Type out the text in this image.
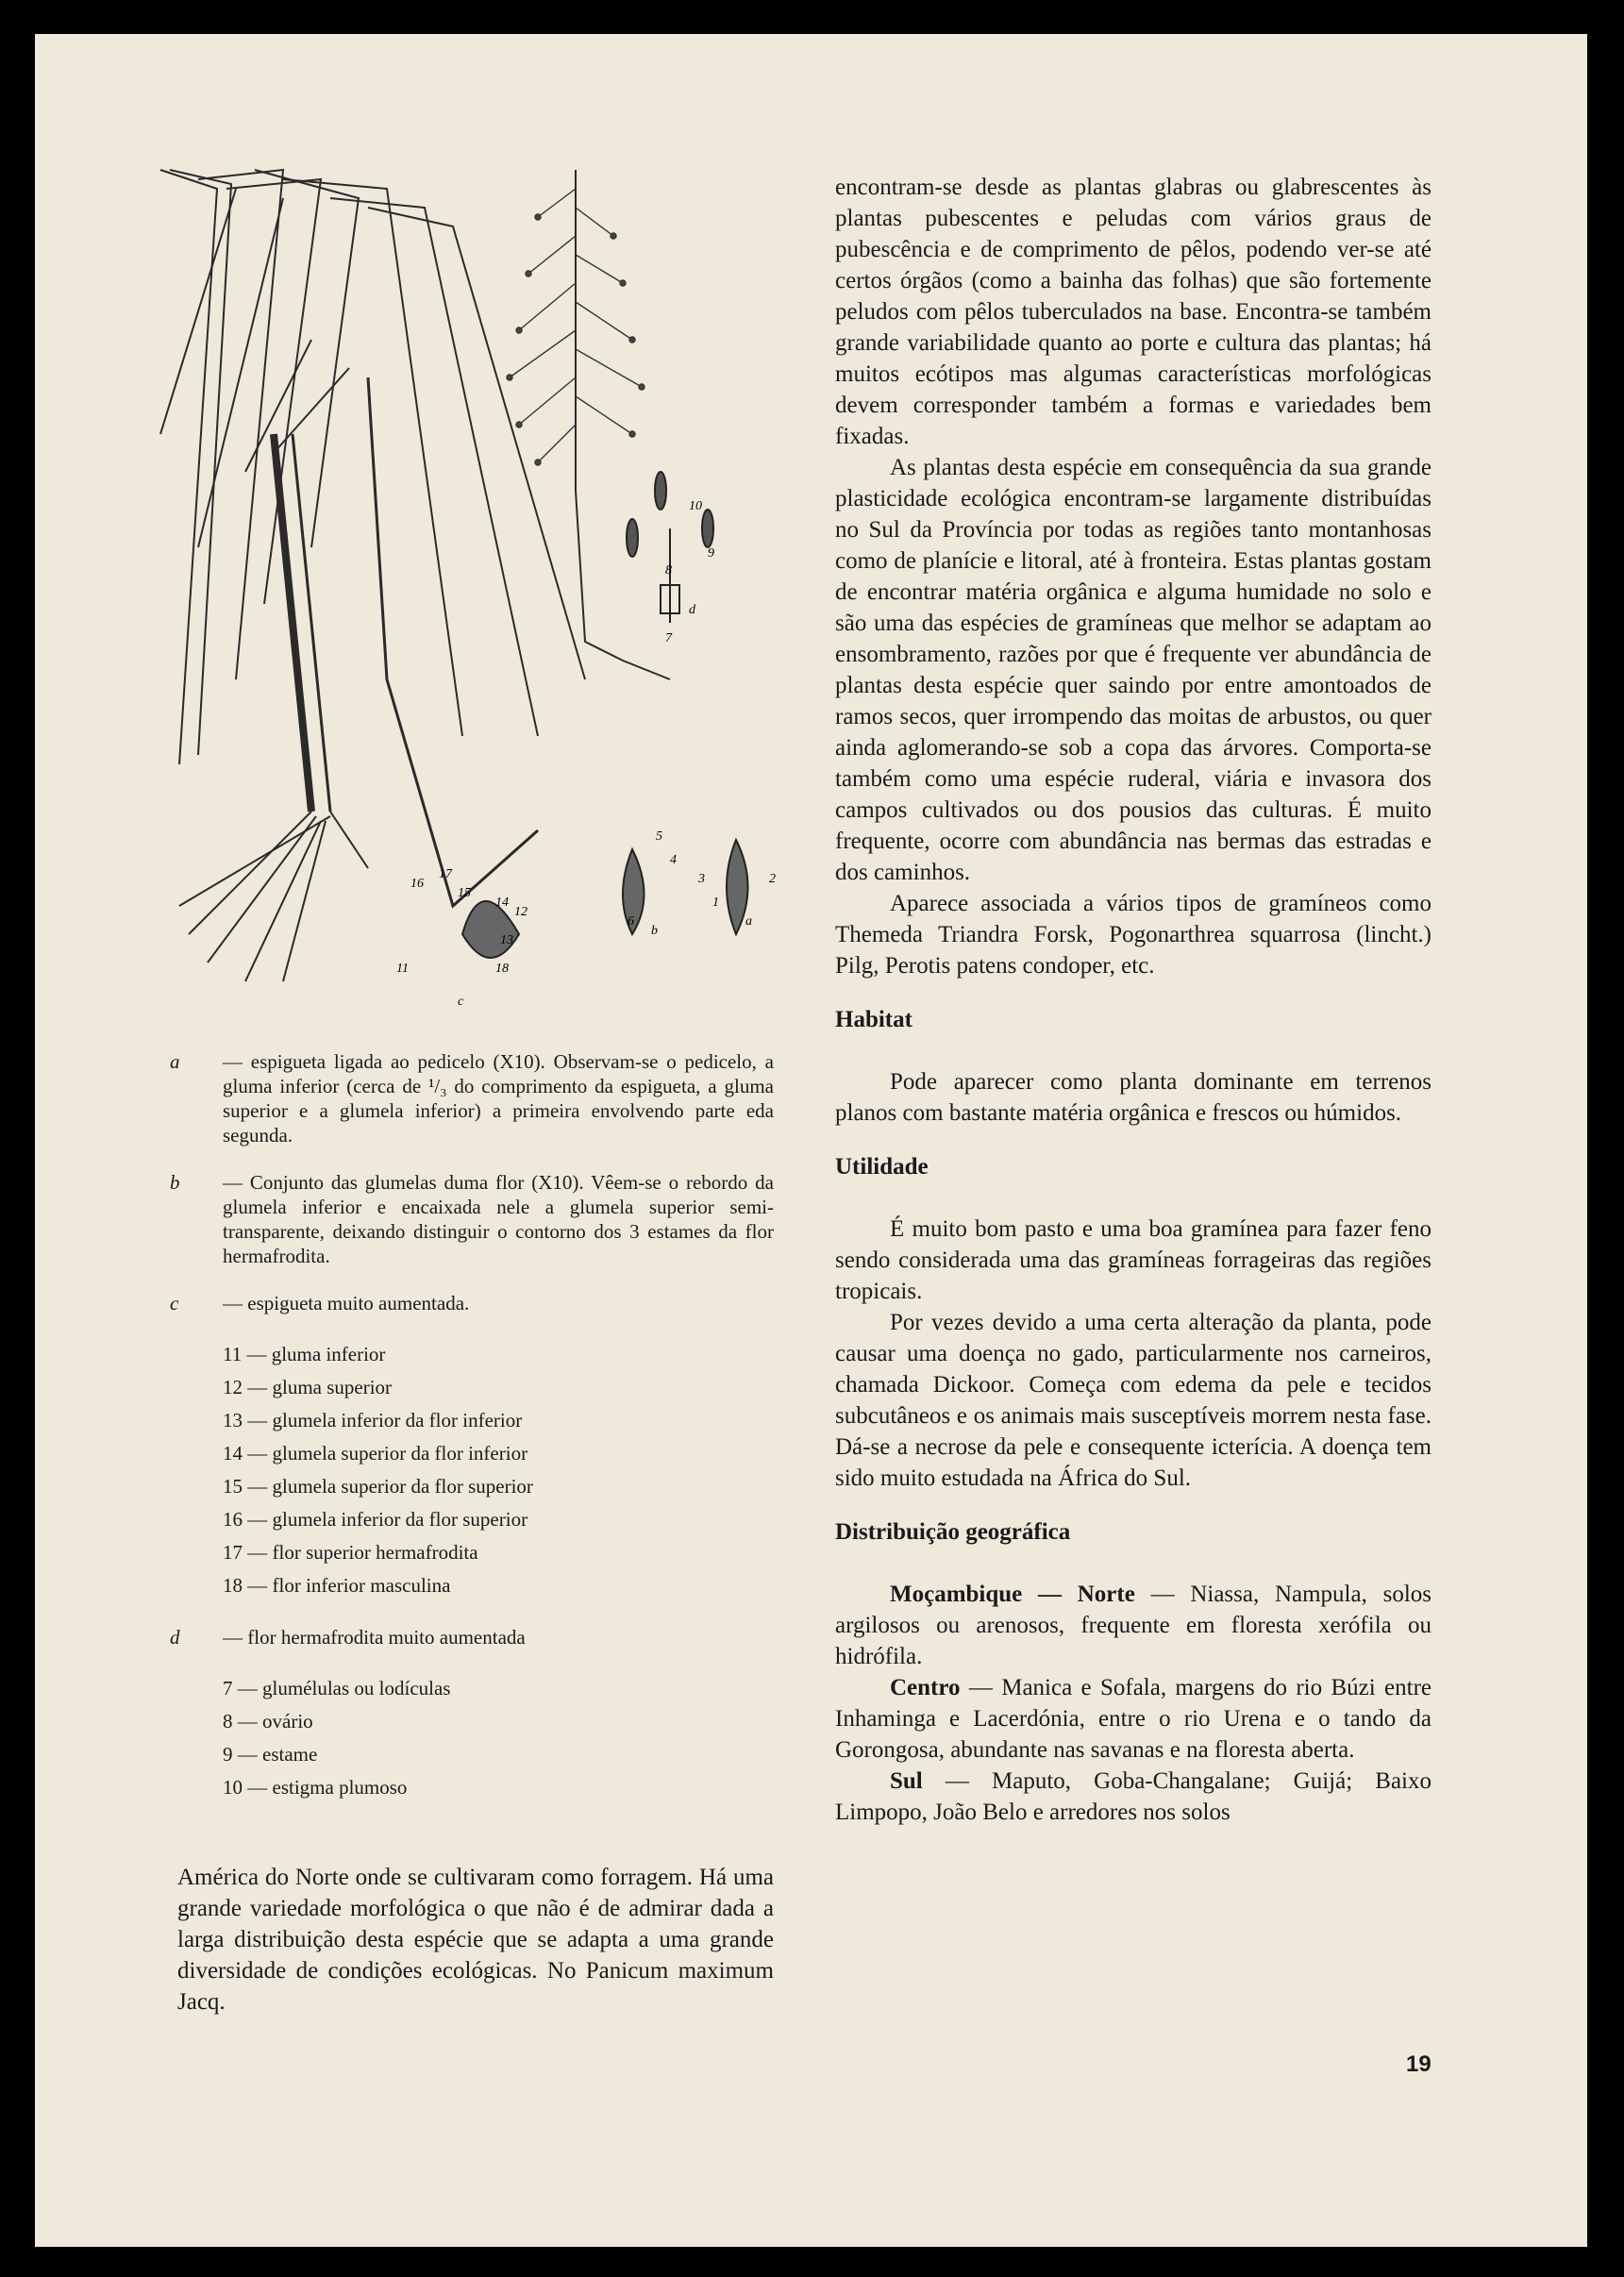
10
9
8
d
7
5
4
6
b
3	2
1
a
16
17
15
14
12
13
11	18
c
a — espigueta ligada ao pedicelo (X10). Observam-se o pedicelo, a gluma inferior (cerca de ¹/₃ do comprimento da espigueta, a gluma superior e a glumela inferior) a primeira envolvendo parte eda segunda.
b — Conjunto das glumelas duma flor (X10). Vêem-se o rebordo da glumela inferior e encaixada nele a glumela superior semi-transparente, deixando distinguir o contorno dos 3 estames da flor hermafrodita.
c — espigueta muito aumentada.
11 — gluma inferior
12 — gluma superior
13 — glumela inferior da flor inferior
14 — glumela superior da flor inferior
15 — glumela superior da flor superior
16 — glumela inferior da flor superior
17 — flor superior hermafrodita
18 — flor inferior masculina
d — flor hermafrodita muito aumentada
7 — glumélulas ou lodículas
8 — ovário
9 — estame
10 — estigma plumoso
América do Norte onde se cultivaram como forragem. Há uma grande variedade morfológica o que não é de admirar dada a larga distribuição desta espécie que se adapta a uma grande diversidade de condições ecológicas. No Panicum maximum Jacq.

encontram-se desde as plantas glabras ou glabrescentes às plantas pubescentes e peludas com vários graus de pubescência e de comprimento de pêlos, podendo ver-se até certos órgãos (como a bainha das folhas) que são fortemente peludos com pêlos tuberculados na base. Encontra-se também grande variabilidade quanto ao porte e cultura das plantas; há muitos ecótipos mas algumas características morfológicas devem corresponder também a formas e variedades bem fixadas.

As plantas desta espécie em consequência da sua grande plasticidade ecológica encontram-se largamente distribuídas no Sul da Província por todas as regiões tanto montanhosas como de planície e litoral, até à fronteira. Estas plantas gostam de encontrar matéria orgânica e alguma humidade no solo e são uma das espécies de gramíneas que melhor se adaptam ao ensombramento, razões por que é frequente ver abundância de plantas desta espécie quer saindo por entre amontoados de ramos secos, quer irrompendo das moitas de arbustos, ou quer ainda aglomerando-se sob a copa das árvores. Comporta-se também como uma espécie ruderal, viária e invasora dos campos cultivados ou dos pousios das culturas. É muito frequente, ocorre com abundância nas bermas das estradas e dos caminhos.

Aparece associada a vários tipos de gramíneos como Themeda Triandra Forsk, Pogonarthrea squarrosa (lincht.) Pilg, Perotis patens condoper, etc.

Habitat

Pode aparecer como planta dominante em terrenos planos com bastante matéria orgânica e frescos ou húmidos.

Utilidade

É muito bom pasto e uma boa gramínea para fazer feno sendo considerada uma das gramíneas forrageiras das regiões tropicais.

Por vezes devido a uma certa alteração da planta, pode causar uma doença no gado, particularmente nos carneiros, chamada Dickoor. Começa com edema da pele e tecidos subcutâneos e os animais mais susceptíveis morrem nesta fase. Dá-se a necrose da pele e consequente icterícia. A doença tem sido muito estudada na África do Sul.

Distribuição geográfica

Moçambique — Norte — Niassa, Nampula, solos argilosos ou arenosos, frequente em floresta xerófila ou hidrófila.

Centro — Manica e Sofala, margens do rio Búzi entre Inhaminga e Lacerdónia, entre o rio Urena e o tando da Gorongosa, abundante nas savanas e na floresta aberta.

Sul — Maputo, Goba-Changalane; Guijá; Baixo Limpopo, João Belo e arredores nos solos

19
